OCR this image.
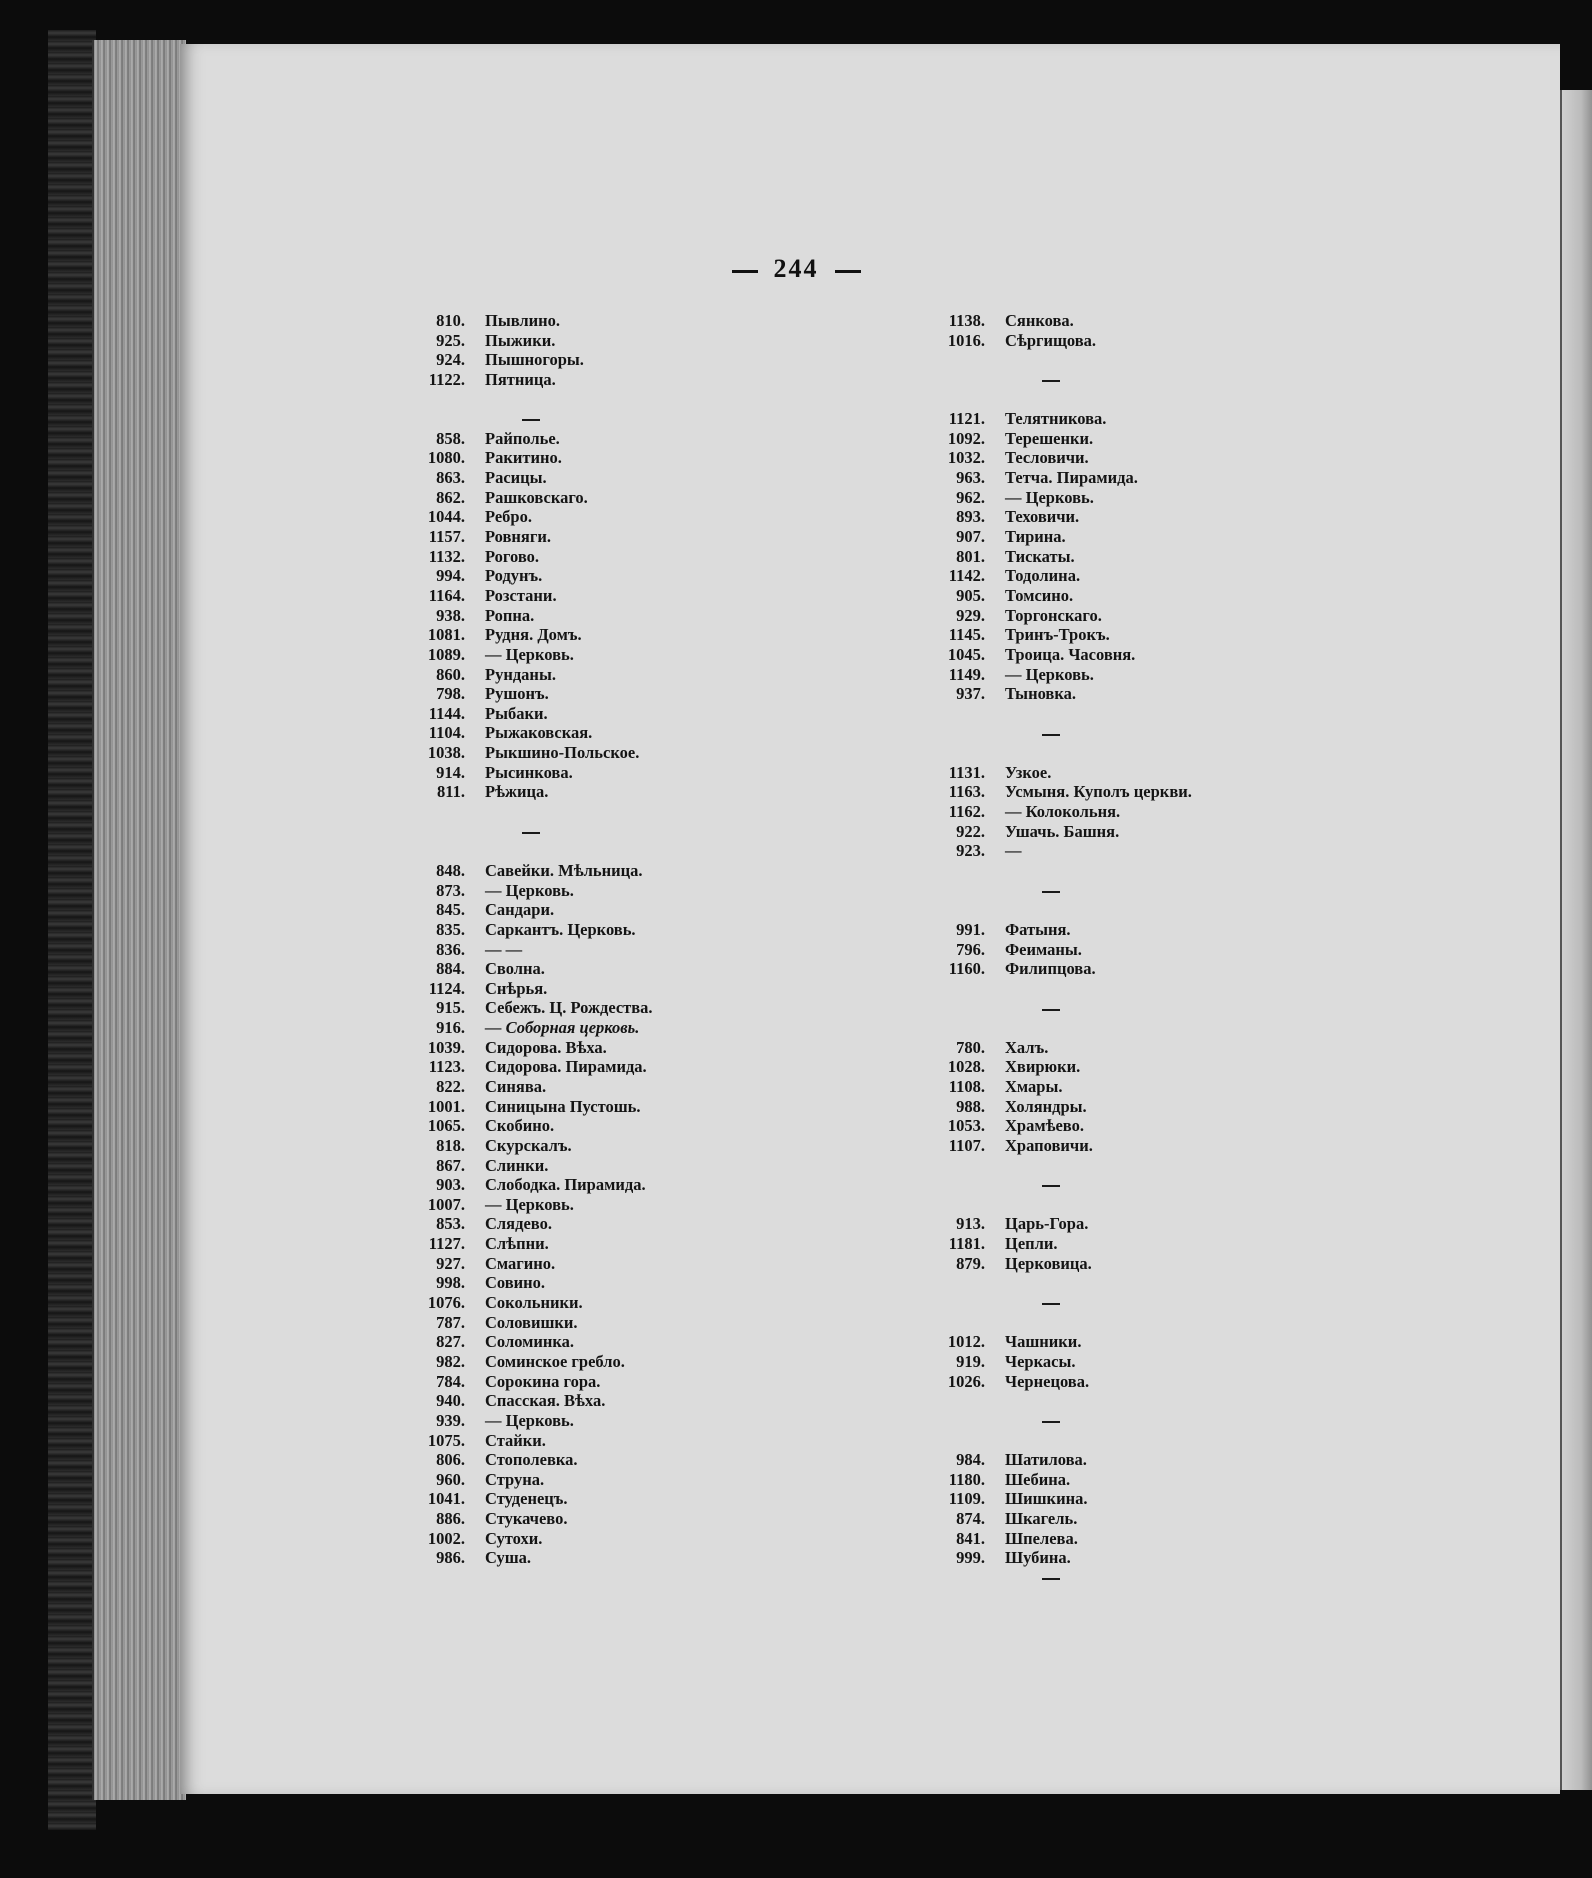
244
810. Пывлино.
925. Пыжики.
924. Пышногоры.
1122. Пятница.
858. Райполье.
1080. Ракитино.
863. Расицы.
862. Рашковскаго.
1044. Ребро.
1157. Ровняги.
1132. Рогово.
994. Родунъ.
1164. Розстани.
938. Ропна.
1081. Рудня. Домъ.
1089. — Церковь.
860. Рунданы.
798. Рушонъ.
1144. Рыбаки.
1104. Рыжаковская.
1038. Рыкшино-Польское.
914. Рысинкова.
811. Рѣжица.
848. Савейки. Мѣльница.
873. — Церковь.
845. Сандари.
835. Саркантъ. Церковь.
836. — —
884. Сволна.
1124. Снѣрья.
915. Себежъ. Ц. Рождества.
916. — Соборная церковь.
1039. Сидорова. Вѣха.
1123. Сидорова. Пирамида.
822. Синява.
1001. Синицына Пустошь.
1065. Скобино.
818. Скурскалъ.
867. Слинки.
903. Слободка. Пирамида.
1007. — Церковь.
853. Слядево.
1127. Слѣпни.
927. Смагино.
998. Совино.
1076. Сокольники.
787. Соловишки.
827. Соломинка.
982. Соминское гребло.
784. Сорокина гора.
940. Спасская. Вѣха.
939. — Церковь.
1075. Стайки.
806. Стополевка.
960. Струна.
1041. Студенецъ.
886. Стукачево.
1002. Сутохи.
986. Суша.
1138. Сянкова.
1016. Сѣргищова.
1121. Телятникова.
1092. Терешенки.
1032. Тесловичи.
963. Тетча. Пирамида.
962. — Церковь.
893. Теховичи.
907. Тирина.
801. Тискаты.
1142. Тодолина.
905. Томсино.
929. Торгонскаго.
1145. Тринъ-Трокъ.
1045. Троица. Часовня.
1149. — Церковь.
937. Тыновка.
1131. Узкое.
1163. Усмыня. Куполъ церкви.
1162. — Колокольня.
922. Ушачь. Башня.
923. —
991. Фатыня.
796. Феиманы.
1160. Филипцова.
780. Халъ.
1028. Хвирюки.
1108. Хмары.
988. Холяндры.
1053. Храмѣево.
1107. Храповичи.
913. Царь-Гора.
1181. Цепли.
879. Церковица.
1012. Чашники.
919. Черкасы.
1026. Чернецова.
984. Шатилова.
1180. Шебина.
1109. Шишкина.
874. Шкагель.
841. Шпелева.
999. Шубина.
